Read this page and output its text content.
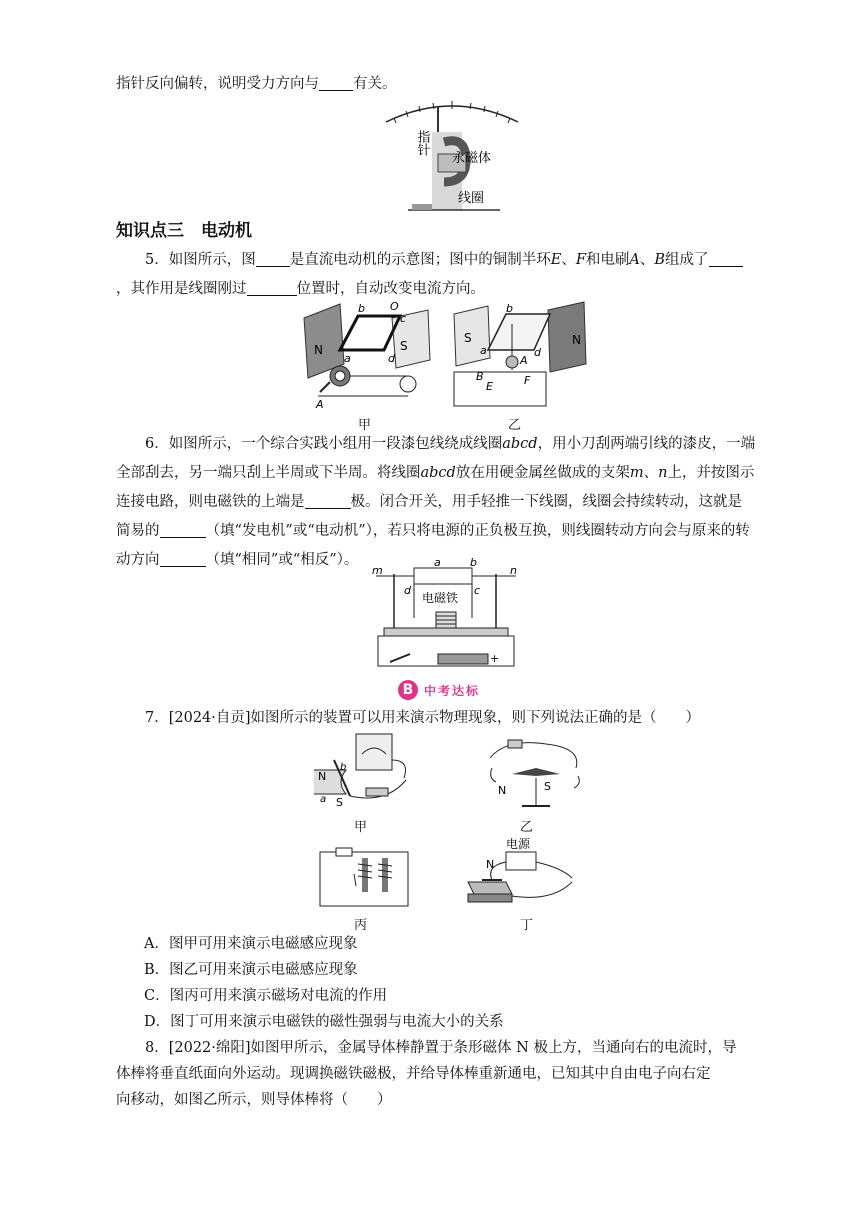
指针反向偏转，说明受力方向与 有关。
指针
永磁体
线圈
知识点三　电动机
5．如图所示，图 是直流电动机的示意图；图中的铜制半环E、F和电刷A、B组成了，其作用是线圈刚过	位置时，自动改变电流方向。
N	S
b O
c
a	d
A
甲
S	N
b
a	d
A
B
E	F
乙
6．如图所示，一个综合实践小组用一段漆包线绕成线圈abcd，用小刀刮两端引线的漆皮，一端全部刮去，另一端只刮上半周或下半周。将线圈abcd放在用硬金属丝做成的支架m、n上，并按图示连接电路，则电磁铁的上端是	极。闭合开关，用手轻推一下线圈，线圈会持续转动，这就是简易的	（填“发电机”或“电动机”），若只将电源的正负极互换，则线圈转动方向会与原来的转动方向	（填“相同”或“相反”）。
m	n
a	b
c
d
电磁铁
+
B 中考达标
7．[2024·自贡]如图所示的装置可以用来演示物理现象，则下列说法正确的是（　　）
N
S
b
a
甲
N	S
乙
丙
电源
N
丁
A．图甲可用来演示电磁感应现象
B．图乙可用来演示电磁感应现象
C．图丙可用来演示磁场对电流的作用
D．图丁可用来演示电磁铁的磁性强弱与电流大小的关系
8．[2022·绵阳]如图甲所示，金属导体棒静置于条形磁体 N 极上方，当通向右的电流时，导
体棒将垂直纸面向外运动。现调换磁铁磁极，并给导体棒重新通电，已知其中自由电子向右定
向移动，如图乙所示，则导体棒将（　　）
